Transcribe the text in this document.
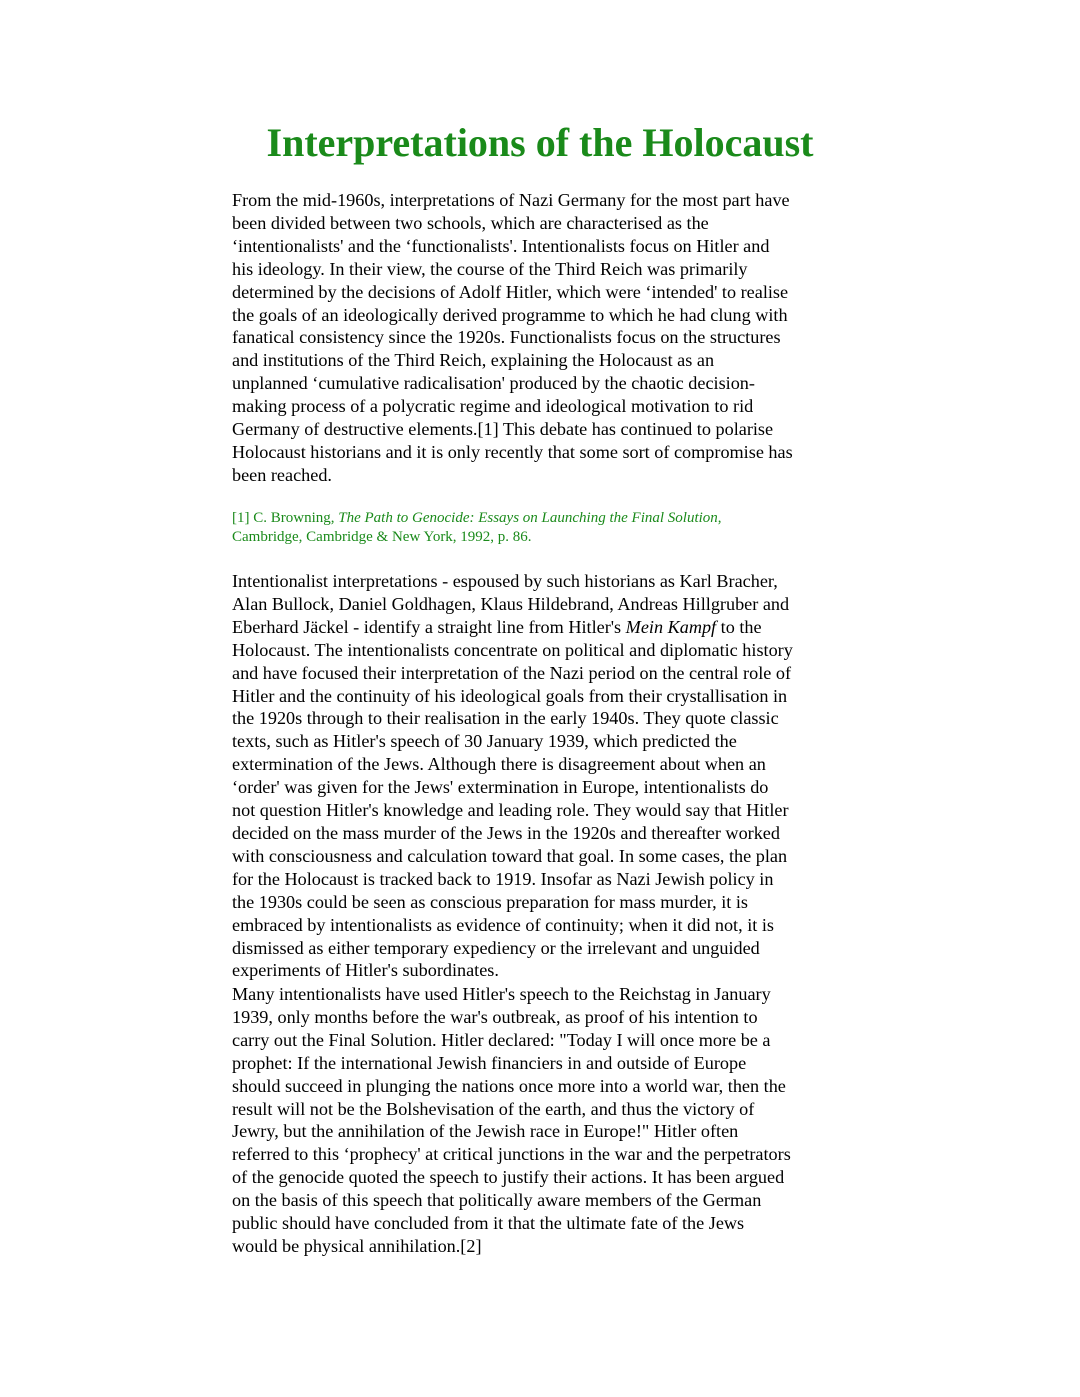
Interpretations of the Holocaust
From the mid-1960s, interpretations of Nazi Germany for the most part have
been divided between two schools, which are characterised as the
‘intentionalists' and the ‘functionalists'. Intentionalists focus on Hitler and
his ideology. In their view, the course of the Third Reich was primarily
determined by the decisions of Adolf Hitler, which were ‘intended' to realise
the goals of an ideologically derived programme to which he had clung with
fanatical consistency since the 1920s. Functionalists focus on the structures
and institutions of the Third Reich, explaining the Holocaust as an
unplanned ‘cumulative radicalisation' produced by the chaotic decision-
making process of a polycratic regime and ideological motivation to rid
Germany of destructive elements.[1] This debate has continued to polarise
Holocaust historians and it is only recently that some sort of compromise has
been reached.
[1] C. Browning, The Path to Genocide: Essays on Launching the Final Solution,
Cambridge, Cambridge & New York, 1992, p. 86.
Intentionalist interpretations - espoused by such historians as Karl Bracher,
Alan Bullock, Daniel Goldhagen, Klaus Hildebrand, Andreas Hillgruber and
Eberhard Jäckel - identify a straight line from Hitler's Mein Kampf to the
Holocaust. The intentionalists concentrate on political and diplomatic history
and have focused their interpretation of the Nazi period on the central role of
Hitler and the continuity of his ideological goals from their crystallisation in
the 1920s through to their realisation in the early 1940s. They quote classic
texts, such as Hitler's speech of 30 January 1939, which predicted the
extermination of the Jews. Although there is disagreement about when an
‘order' was given for the Jews' extermination in Europe, intentionalists do
not question Hitler's knowledge and leading role. They would say that Hitler
decided on the mass murder of the Jews in the 1920s and thereafter worked
with consciousness and calculation toward that goal. In some cases, the plan
for the Holocaust is tracked back to 1919. Insofar as Nazi Jewish policy in
the 1930s could be seen as conscious preparation for mass murder, it is
embraced by intentionalists as evidence of continuity; when it did not, it is
dismissed as either temporary expediency or the irrelevant and unguided
experiments of Hitler's subordinates.
Many intentionalists have used Hitler's speech to the Reichstag in January
1939, only months before the war's outbreak, as proof of his intention to
carry out the Final Solution. Hitler declared: "Today I will once more be a
prophet: If the international Jewish financiers in and outside of Europe
should succeed in plunging the nations once more into a world war, then the
result will not be the Bolshevisation of the earth, and thus the victory of
Jewry, but the annihilation of the Jewish race in Europe!" Hitler often
referred to this ‘prophecy' at critical junctions in the war and the perpetrators
of the genocide quoted the speech to justify their actions. It has been argued
on the basis of this speech that politically aware members of the German
public should have concluded from it that the ultimate fate of the Jews
would be physical annihilation.[2]
